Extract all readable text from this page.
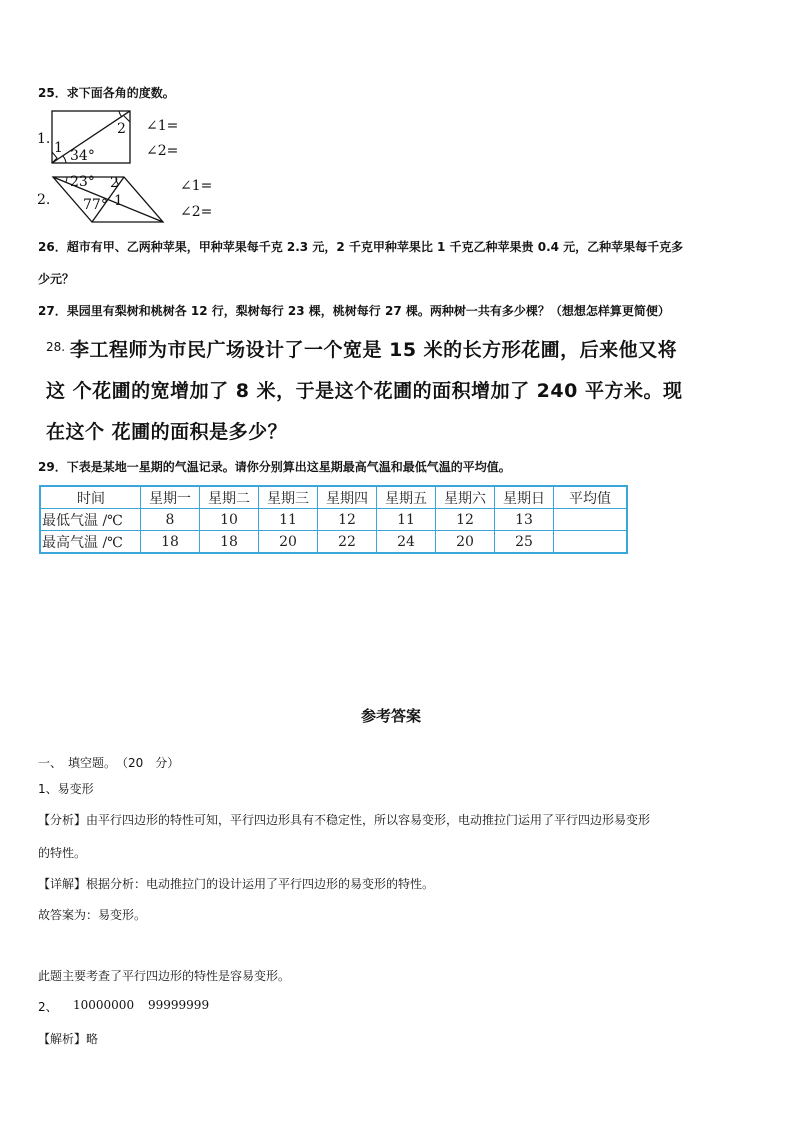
25．求下面各角的度数。
1.
1
2
34°
∠1=
∠2=
2.
23° 2
77° 1
∠1=
∠2=
26．超市有甲、乙两种苹果，甲种苹果每千克 2.3 元，2 千克甲种苹果比 1 千克乙种苹果贵 0.4 元，乙种苹果每千克多
少元？
27．果园里有梨树和桃树各 12 行，梨树每行 23 棵，桃树每行 27 棵。两种树一共有多少棵？（想想怎样算更简便）
28. 李工程师为市民广场设计了一个宽是 15 米的长方形花圃，后来他又将
这 个花圃的宽增加了 8 米，于是这个花圃的面积增加了 240 平方米。现
在这个 花圃的面积是多少？
29．下表是某地一星期的气温记录。请你分别算出这星期最高气温和最低气温的平均值。
时间	星期一	星期二	星期三	星期四	星期五	星期六	星期日	平均值
最低气温 /℃	8	10	11	12	11	12	13	
最高气温 /℃	18	18	20	22	24	20	25	
参考答案
一、　填空题。　（20　分）
1、易变形
【分析】由平行四边形的特性可知，平行四边形具有不稳定性，所以容易变形，电动推拉门运用了平行四边形易变形
的特性。
【详解】根据分析：电动推拉门的设计运用了平行四边形的易变形的特性。
故答案为：易变形。
此题主要考查了平行四边形的特性是容易变形。
2、 10000000 99999999
【解析】略
